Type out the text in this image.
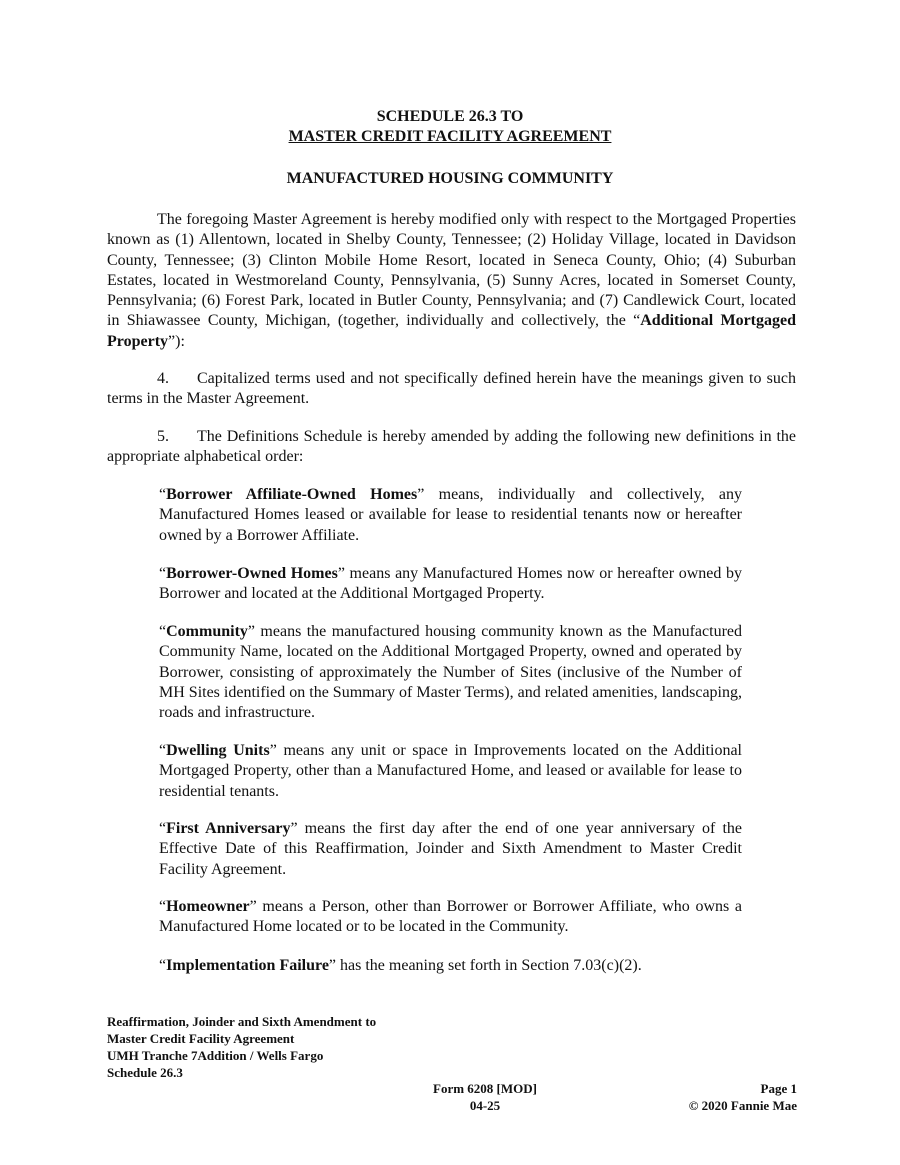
SCHEDULE 26.3 TO
MASTER CREDIT FACILITY AGREEMENT
MANUFACTURED HOUSING COMMUNITY

The foregoing Master Agreement is hereby modified only with respect to the Mortgaged Properties known as (1) Allentown, located in Shelby County, Tennessee; (2) Holiday Village, located in Davidson County, Tennessee; (3) Clinton Mobile Home Resort, located in Seneca County, Ohio; (4) Suburban Estates, located in Westmoreland County, Pennsylvania, (5) Sunny Acres, located in Somerset County, Pennsylvania; (6) Forest Park, located in Butler County, Pennsylvania; and (7) Candlewick Court, located in Shiawassee County, Michigan, (together, individually and collectively, the “Additional Mortgaged Property”):

4. Capitalized terms used and not specifically defined herein have the meanings given to such terms in the Master Agreement.

5. The Definitions Schedule is hereby amended by adding the following new definitions in the appropriate alphabetical order:

“Borrower Affiliate-Owned Homes” means, individually and collectively, any Manufactured Homes leased or available for lease to residential tenants now or hereafter owned by a Borrower Affiliate.

“Borrower-Owned Homes” means any Manufactured Homes now or hereafter owned by Borrower and located at the Additional Mortgaged Property.

“Community” means the manufactured housing community known as the Manufactured Community Name, located on the Additional Mortgaged Property, owned and operated by Borrower, consisting of approximately the Number of Sites (inclusive of the Number of MH Sites identified on the Summary of Master Terms), and related amenities, landscaping, roads and infrastructure.

“Dwelling Units” means any unit or space in Improvements located on the Additional Mortgaged Property, other than a Manufactured Home, and leased or available for lease to residential tenants.

“First Anniversary” means the first day after the end of one year anniversary of the Effective Date of this Reaffirmation, Joinder and Sixth Amendment to Master Credit Facility Agreement.

“Homeowner” means a Person, other than Borrower or Borrower Affiliate, who owns a Manufactured Home located or to be located in the Community.

“Implementation Failure” has the meaning set forth in Section 7.03(c)(2).

Reaffirmation, Joinder and Sixth Amendment to
Master Credit Facility Agreement
UMH Tranche 7Addition / Wells Fargo
Schedule 26.3
Form 6208 [MOD]
04-25
Page 1
© 2020 Fannie Mae
